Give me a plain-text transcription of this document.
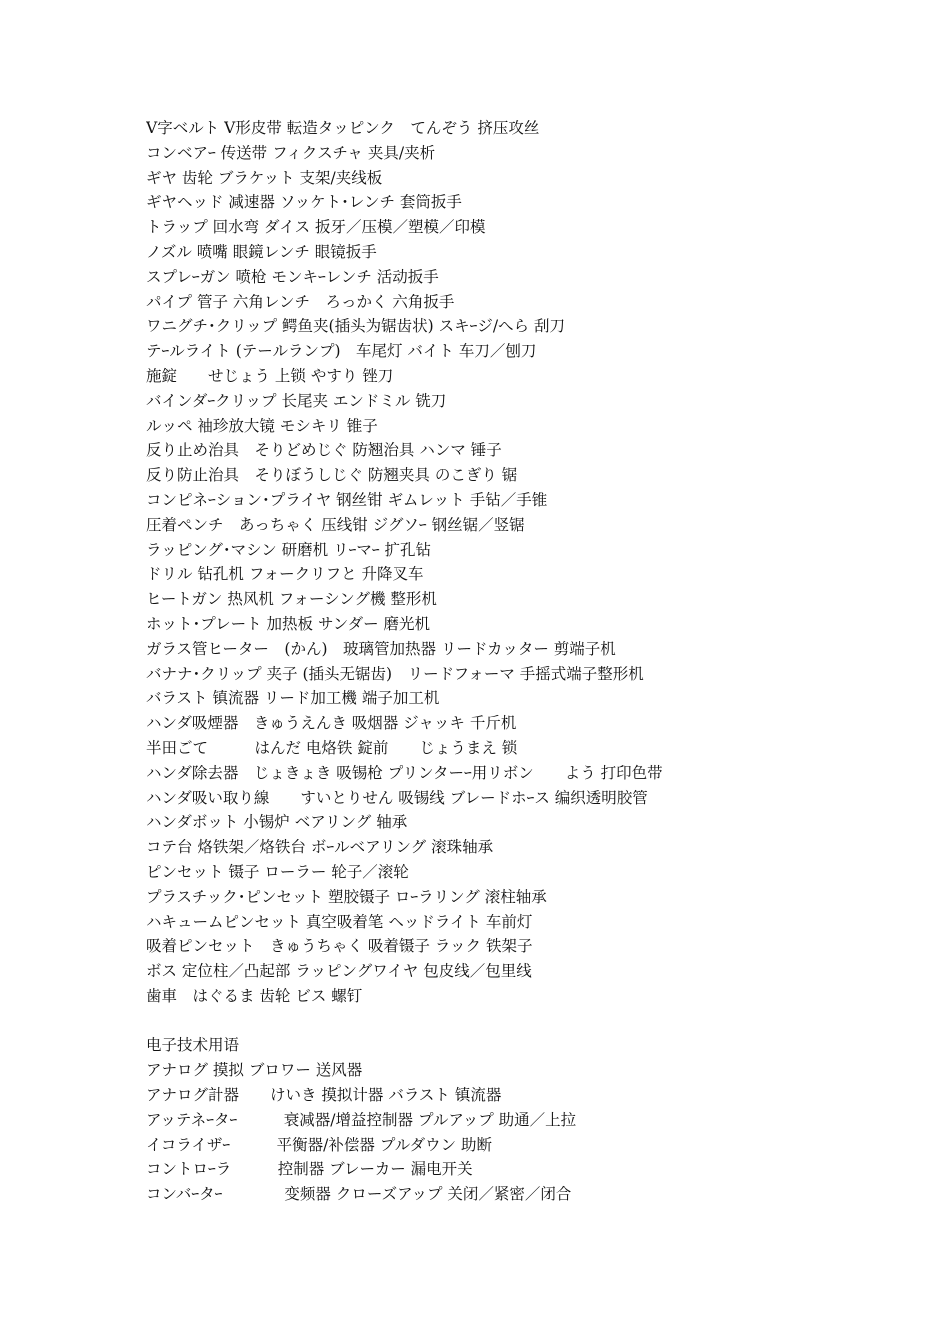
V字ベルト V形皮带 転造タッピンク　てんぞう 挤压攻丝
コンベアｰ 传送带 フィクスチャ 夹具/夹析
ギヤ 齿轮 ブラケット 支架/夹线板
ギヤヘッド 减速器 ソッケト･レンチ 套筒扳手
トラップ 回水弯 ダイス 扳牙／压模／塑模／印模
ノズル 喷嘴 眼鏡レンチ 眼镜扳手
スプレｰガン 喷枪 モンキｰレンチ 活动扳手
パイプ 管子 六角レンチ　ろっかく 六角扳手
ワニグチ･クリップ 鳄鱼夹(插头为锯齿状) スキｰジ/へら 刮刀
テｰルライト (テールランプ)　车尾灯 バイト 车刀／刨刀
施錠　　せじょう 上锁 やすり 锉刀
バインダｰクリップ 长尾夹 エンドミル 铣刀
ルッペ 袖珍放大镜 モシキリ 锥子
反り止め治具　そりどめじぐ 防翘治具 ハンマ 锤子
反り防止治具　そりぼうしじぐ 防翘夹具 のこぎり 锯
コンピネｰション･プライヤ 钢丝钳 ギムレット 手钻／手锥
圧着ペンチ　あっちゃく 压线钳 ジグソｰ 钢丝锯／竖锯
ラッピング･マシン 研磨机 リｰマｰ 扩孔钻
ドリル 钻孔机 フォークリフと 升降叉车
ヒートガン 热风机 フォーシング機 整形机
ホット･プレート 加热板 サンダー 磨光机
ガラス管ヒーター　(かん)　玻璃管加热器 リードカッター 剪端子机
バナナ･クリップ 夹子 (插头无锯齿)　リードフォーマ 手摇式端子整形机
バラスト 镇流器 リード加工機 端子加工机
ハンダ吸煙器　きゅうえんき 吸烟器 ジャッキ 千斤机
半田ごて　　　はんだ 电烙铁 錠前　　じょうまえ 锁
ハンダ除去器　じょきょき 吸锡枪 プリンターｰ用リボン　　よう 打印色带
ハンダ吸い取り線　　すいとりせん 吸锡线 ブレードホｰス 编织透明胶管
ハンダボット 小锡炉 ベアリング 轴承
コテ台 烙铁架／烙铁台 ボｰルベアリング 滚珠轴承
ピンセット 镊子 ローラー 轮子／滚轮
プラスチック･ピンセット 塑胶镊子 ロｰラリング 滚柱轴承
ハキュームピンセット 真空吸着笔 ヘッドライト 车前灯
吸着ピンセット　きゅうちゃく 吸着镊子 ラック 铁架子
ボス 定位柱／凸起部 ラッピングワイヤ 包皮线／包里线
歯車　はぐるま 齿轮 ビス 螺钉
电子技术用语
アナログ 摸拟 ブロワー 送风器
アナログ計器　　けいき 摸拟计器 バラスト 镇流器
アッテネｰタｰ　　　衰减器/增益控制器 プルアップ 助通／上拉
イコライザｰ　　　平衡器/补偿器 プルダウン 助断
コントロｰラ　　　控制器 ブレーカー 漏电开关
コンバｰタｰ　　　　变频器 クローズアップ 关闭／紧密／闭合
